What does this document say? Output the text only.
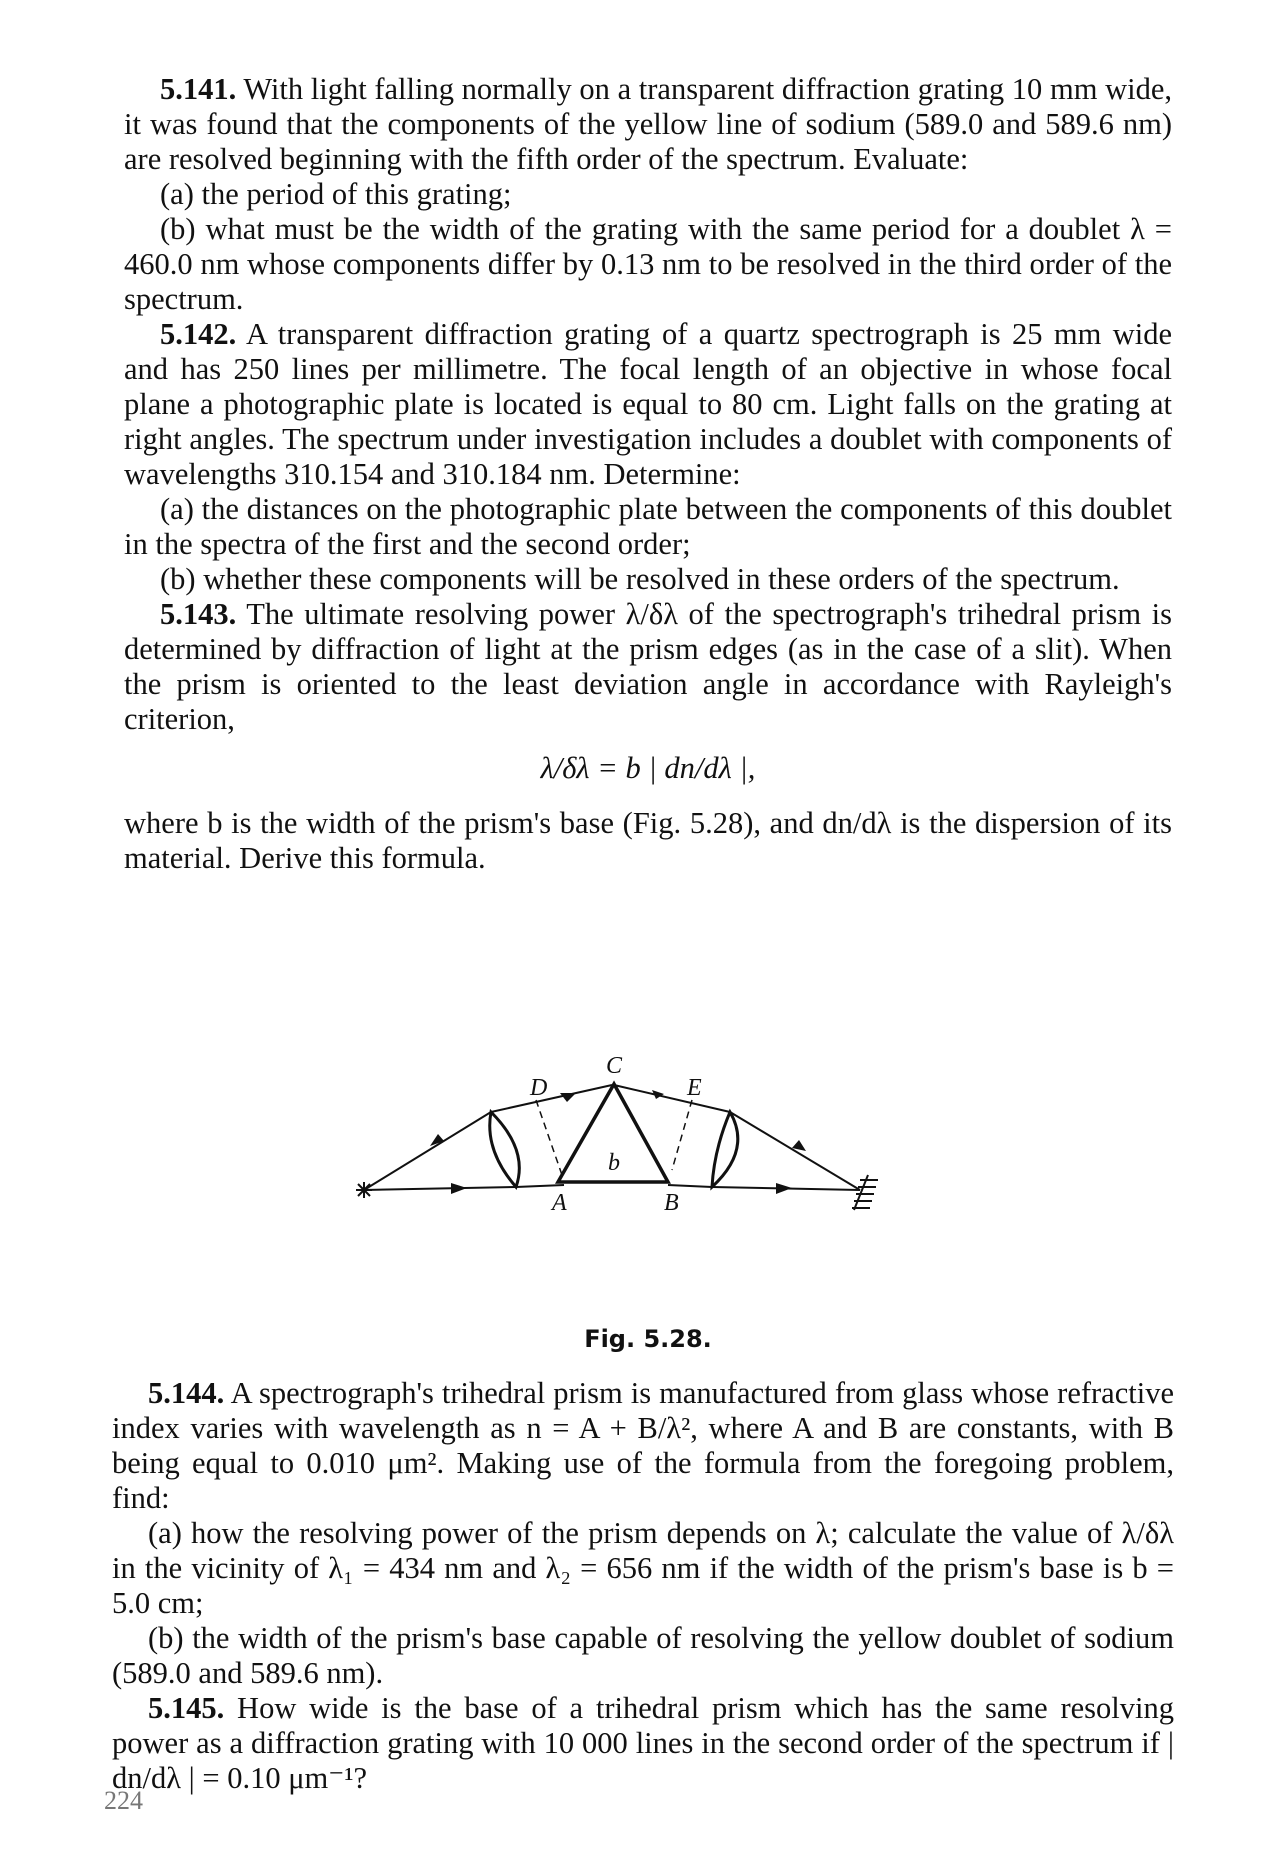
5.141. With light falling normally on a transparent diffraction grating 10 mm wide, it was found that the components of the yellow line of sodium (589.0 and 589.6 nm) are resolved beginning with the fifth order of the spectrum. Evaluate:

(a) the period of this grating;

(b) what must be the width of the grating with the same period for a doublet λ = 460.0 nm whose components differ by 0.13 nm to be resolved in the third order of the spectrum.

5.142. A transparent diffraction grating of a quartz spectrograph is 25 mm wide and has 250 lines per millimetre. The focal length of an objective in whose focal plane a photographic plate is located is equal to 80 cm. Light falls on the grating at right angles. The spectrum under investigation includes a doublet with components of wavelengths 310.154 and 310.184 nm. Determine:

(a) the distances on the photographic plate between the components of this doublet in the spectra of the first and the second order;

(b) whether these components will be resolved in these orders of the spectrum.

5.143. The ultimate resolving power λ/δλ of the spectrograph's trihedral prism is determined by diffraction of light at the prism edges (as in the case of a slit). When the prism is oriented to the least deviation angle in accordance with Rayleigh's criterion,

λ/δλ = b | dn/dλ |,

where b is the width of the prism's base (Fig. 5.28), and dn/dλ is the dispersion of its material. Derive this formula.

C
D	E
b
A	B
Fig. 5.28.

5.144. A spectrograph's trihedral prism is manufactured from glass whose refractive index varies with wavelength as n = A + B/λ², where A and B are constants, with B being equal to 0.010 μm². Making use of the formula from the foregoing problem, find:

(a) how the resolving power of the prism depends on λ; calculate the value of λ/δλ in the vicinity of λ₁ = 434 nm and λ₂ = 656 nm if the width of the prism's base is b = 5.0 cm;

(b) the width of the prism's base capable of resolving the yellow doublet of sodium (589.0 and 589.6 nm).

5.145. How wide is the base of a trihedral prism which has the same resolving power as a diffraction grating with 10 000 lines in the second order of the spectrum if | dn/dλ | = 0.10 μm⁻¹?

224
